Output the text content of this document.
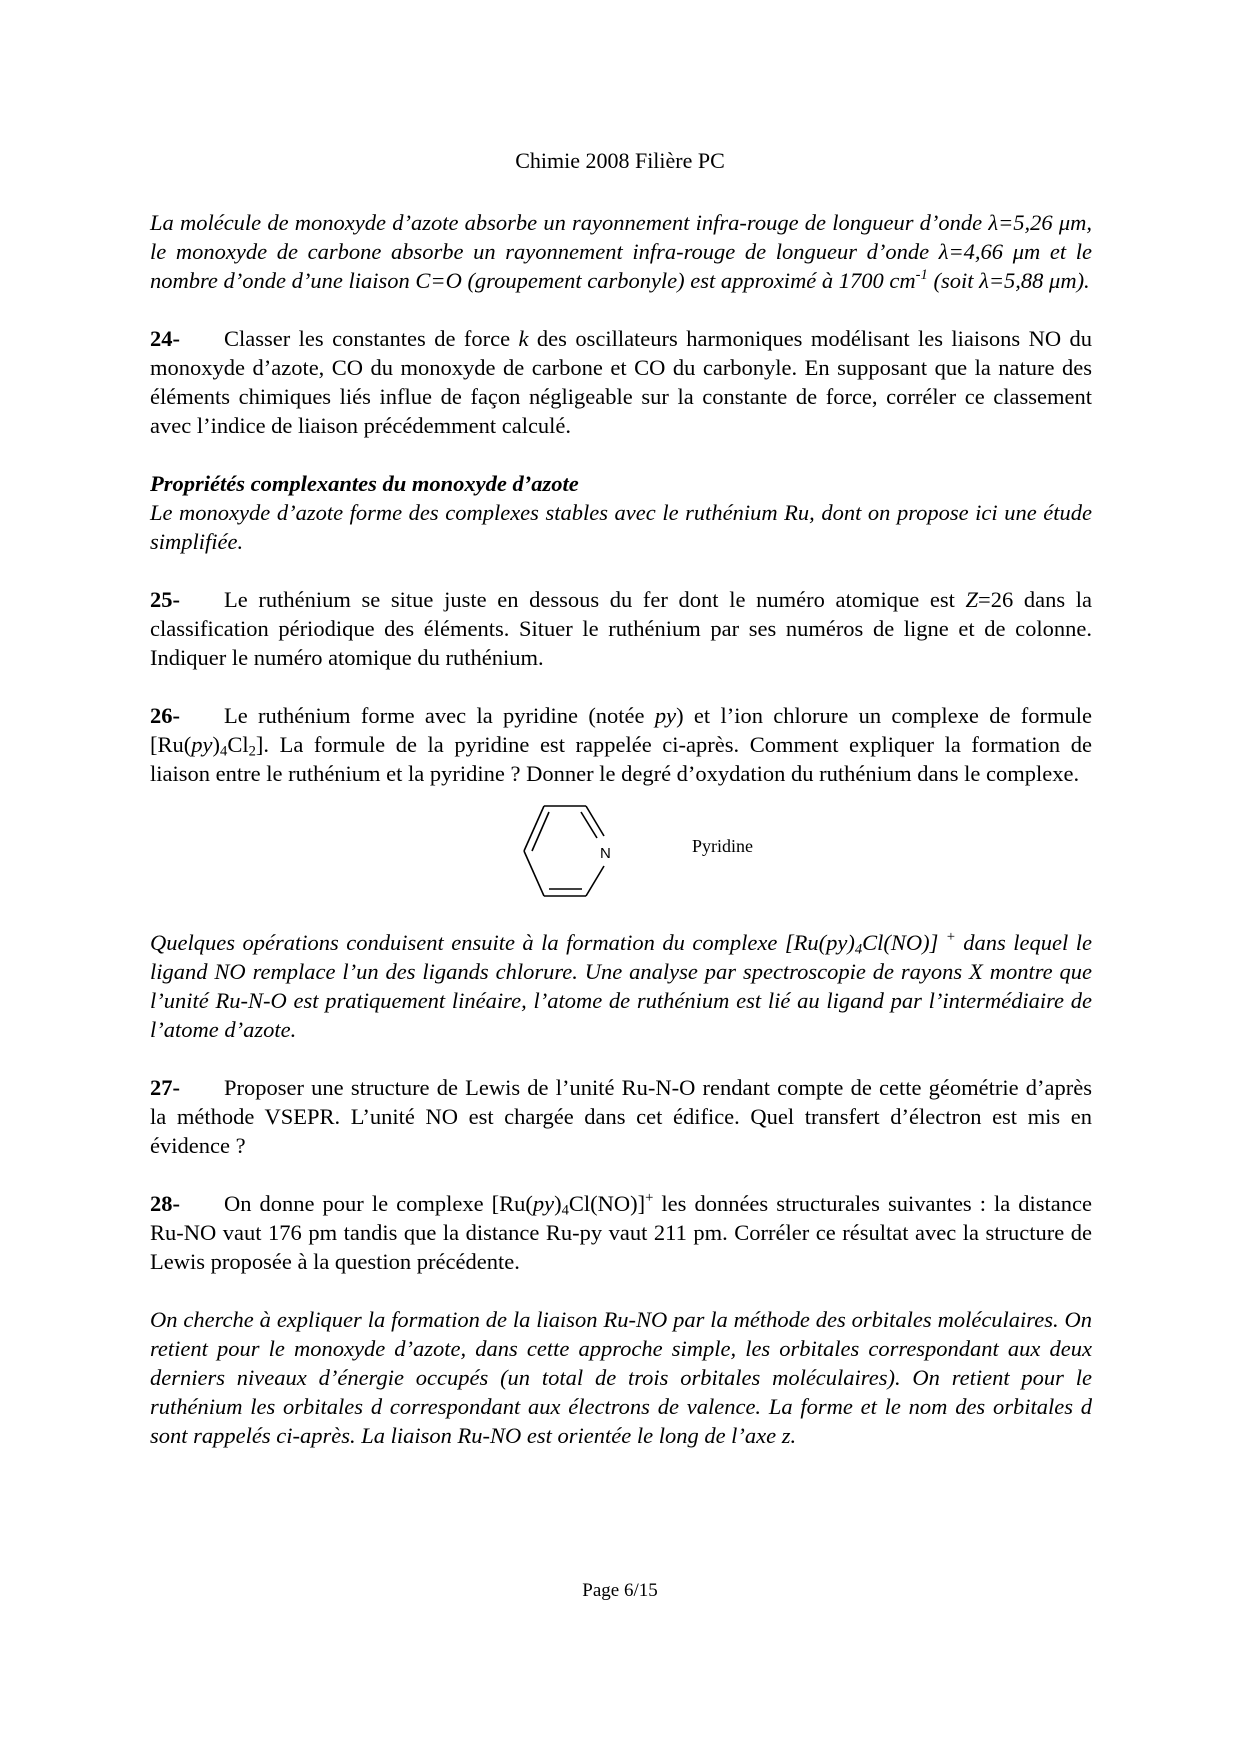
Chimie 2008 Filière PC

La molécule de monoxyde d’azote absorbe un rayonnement infra-rouge de longueur d’onde λ=5,26 μm, le monoxyde de carbone absorbe un rayonnement infra-rouge de longueur d’onde λ=4,66 μm et le nombre d’onde d’une liaison C=O (groupement carbonyle) est approximé à 1700 $cm^{-1}$ (soit λ=5,88 μm).

24- Classer les constantes de force k des oscillateurs harmoniques modélisant les liaisons NO du monoxyde d’azote, CO du monoxyde de carbone et CO du carbonyle. En supposant que la nature des éléments chimiques liés influe de façon négligeable sur la constante de force, corréler ce classement avec l’indice de liaison précédemment calculé.

Propriétés complexantes du monoxyde d’azote

Le monoxyde d’azote forme des complexes stables avec le ruthénium Ru, dont on propose ici une étude simplifiée.

25- Le ruthénium se situe juste en dessous du fer dont le numéro atomique est Z=26 dans la classification périodique des éléments. Situer le ruthénium par ses numéros de ligne et de colonne. Indiquer le numéro atomique du ruthénium.

26- Le ruthénium forme avec la pyridine (notée py) et l’ion chlorure un complexe de formule $[Ru(py)_4Cl_2]$. La formule de la pyridine est rappelée ci-après. Comment expliquer la formation de liaison entre le ruthénium et la pyridine ? Donner le degré d’oxydation du ruthénium dans le complexe.

N	Pyridine

Quelques opérations conduisent ensuite à la formation du complexe $[Ru(py)_4Cl(NO)]$ + dans lequel le ligand NO remplace l’un des ligands chlorure. Une analyse par spectroscopie de rayons X montre que l’unité Ru-N-O est pratiquement linéaire, l’atome de ruthénium est lié au ligand par l’intermédiaire de l’atome d’azote.

27- Proposer une structure de Lewis de l’unité Ru-N-O rendant compte de cette géométrie d’après la méthode VSEPR. L’unité NO est chargée dans cet édifice. Quel transfert d’électron est mis en évidence ?

28- On donne pour le complexe $[Ru(py)_4Cl(NO)]^+$ les données structurales suivantes : la distance Ru-NO vaut 176 pm tandis que la distance Ru-py vaut 211 pm. Corréler ce résultat avec la structure de Lewis proposée à la question précédente.

On cherche à expliquer la formation de la liaison Ru-NO par la méthode des orbitales moléculaires. On retient pour le monoxyde d’azote, dans cette approche simple, les orbitales correspondant aux deux derniers niveaux d’énergie occupés (un total de trois orbitales moléculaires). On retient pour le ruthénium les orbitales d correspondant aux électrons de valence. La forme et le nom des orbitales d sont rappelés ci-après. La liaison Ru-NO est orientée le long de l’axe z.

Page 6/15
